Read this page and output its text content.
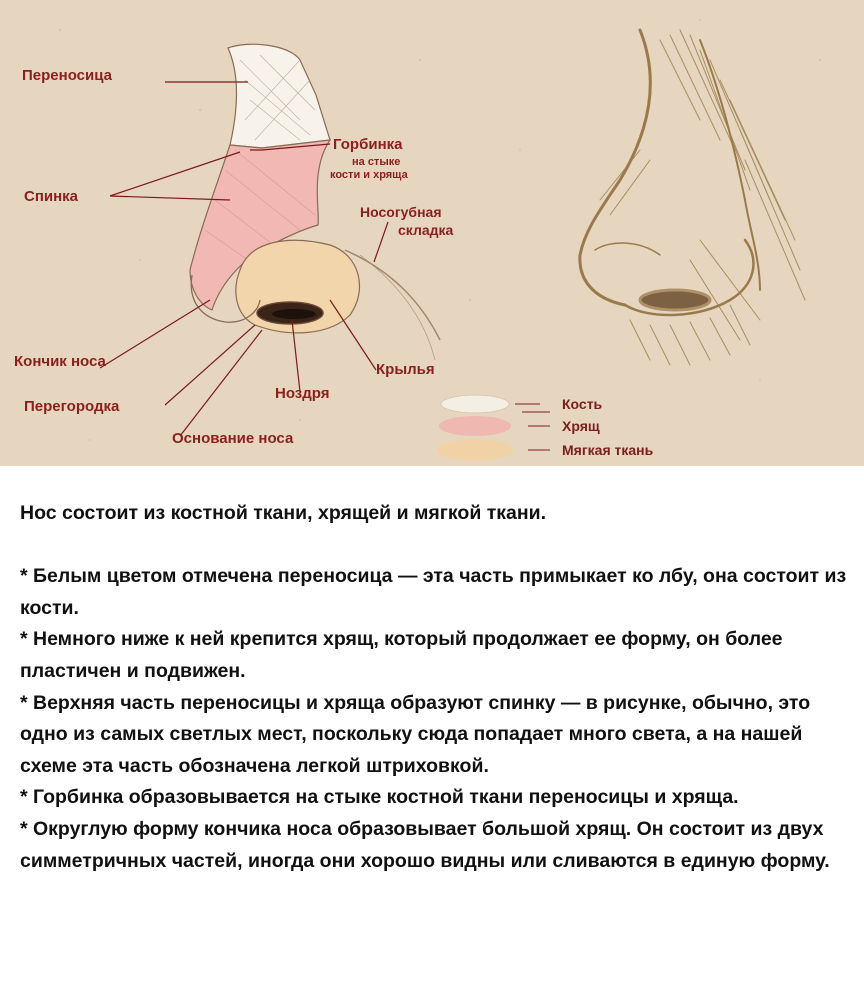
Переносица
Горбинка
на стыке
кости и хряща
Спинка
Носогубная
складка
Кончик носа	Крылья
Ноздря
Перегородка
Основание носа
Кость
Хрящ
Мягкая ткань

Нос состоит из костной ткани, хрящей и мягкой ткани.

* Белым цветом отмечена переносица — эта часть примыкает ко лбу, она состоит из кости.

* Немного ниже к ней крепится хрящ, который продолжает ее форму, он более пластичен и подвижен.

* Верхняя часть переносицы и хряща образуют спинку — в рисунке, обычно, это одно из самых светлых мест, поскольку сюда попадает много света, а на нашей схеме эта часть обозначена легкой штриховкой.

* Горбинка образовывается на стыке костной ткани переносицы и хряща.

* Округлую форму кончика носа образовывает большой хрящ. Он состоит из двух симметричных частей, иногда они хорошо видны или сливаются в единую форму.
